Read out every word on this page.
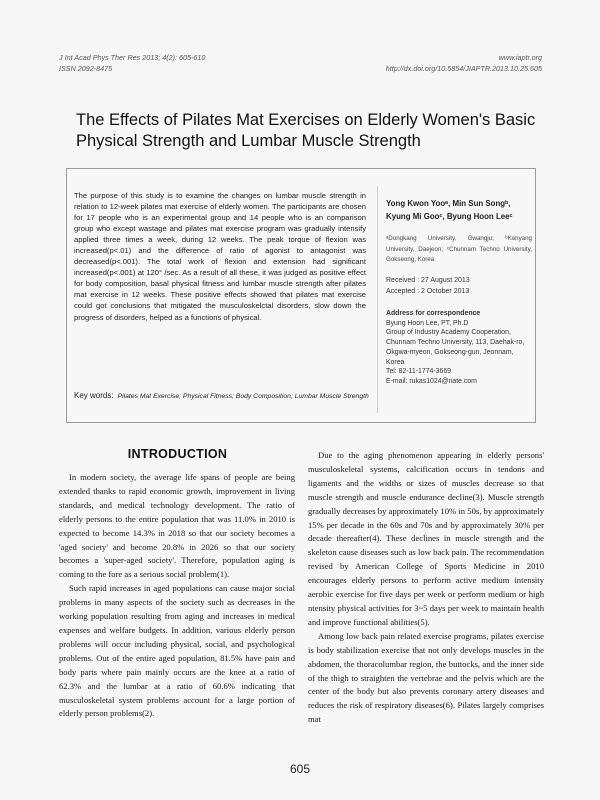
J Int Acad Phys Ther Res 2013; 4(2): 605-610
ISSN 2092-8475
www.iaptr.org
http://dx.doi.org/10.5854/JIAPTR.2013.10.25.605
The Effects of Pilates Mat Exercises on Elderly Women's Basic Physical Strength and Lumbar Muscle Strength
The purpose of this study is to examine the changes on lumbar muscle strength in relation to 12-week pilates mat exercise of elderly women. The participants are chosen for 17 people who is an experimental group and 14 people who is an comparison group who except wastage and pilates mat exercise program was gradually intensify applied three times a week, during 12 weeks. The peak torque of flexion was increased(p<.01) and the difference of ratio of agonist to antagonist was decreased(p<.001). The total work of flexion and extension had significant increased(p<.001) at 120° /sec. As a result of all these, it was judged as positive effect for body composition, basal physical fitness and lumbar muscle strength after pilates mat exercise in 12 weeks. These positive effects showed that pilates mat exercise could got conclusions that mitigated the musculoskelctal disorders, slow down the progress of disorders, helped as a functions of physical.
Key words: Pilates Mat Exercise; Physical Fitness; Body Composition; Lumbar Muscle Strength
Yong Kwon Yooᵃ, Min Sun Songᵇ,
Kyung Mi Gooᶜ, Byung Hoon Leeᶜ
ᵃDongkang University, Gwangju; ᵇKonyang University, Daejeon; ᶜChunnam Techno University, Gokseong, Korea
Received : 27 August 2013
Accepted : 2 October 2013
Address for correspondence
Byung Hoon Lee, PT, Ph.D
Group of Industry Academy Cooperation, Chunnam Techno University, 113, Daehak-ro, Okgwa-myeon, Gokseong-gun, Jeonnam, Korea
Tel: 82-11-1774-3669
E-mail: rukas1024@nate.com
INTRODUCTION

In modern society, the average life spans of people are being extended thanks to rapid economic growth, improvement in living standards, and medical technology development. The ratio of elderly persons to the entire population that was 11.0% in 2010 is expected to become 14.3% in 2018 so that our society becomes a 'aged society' and become 20.8% in 2026 so that our society becomes a 'super-aged society'. Therefore, population aging is coming to the fore as a serious social problem(1).

Such rapid increases in aged populations can cause major social problems in many aspects of the society such as decreases in the working population resulting from aging and increases in medical expenses and welfare budgets. In addition, various elderly person problems will occur including physical, social, and psychological problems. Out of the entire aged population, 81.5% have pain and body parts where pain mainly occurs are the knee at a ratio of 62.3% and the lumbar at a ratio of 60.6% indicating that musculoskeletal system problems account for a large portion of elderly person problems(2).

Due to the aging phenomenon appearing in elderly persons' musculoskeletal systems, calcification occurs in tendons and ligaments and the widths or sizes of muscles decrease so that muscle strength and muscle endurance decline(3). Muscle strength gradually decreases by approximately 10% in 50s, by approximately 15% per decade in the 60s and 70s and by approximately 30% per decade thereafter(4). These declines in muscle strength and the skeleton cause diseases such as low back pain. The recommendation revised by American College of Sports Medicine in 2010 encourages elderly persons to perform active medium intensity aerobic exercise for five days per week or perform medium or high ntensity physical activities for 3~5 days per week to maintain health and improve functional abilities(5).

Among low back pain related exercise programs, pilates exercise is body stabilization exercise that not only develops muscles in the abdomen, the thoracolumbar region, the buttocks, and the inner side of the thigh to straighten the vertebrae and the pelvis which are the center of the body but also prevents coronary artery diseases and reduces the risk of respiratory diseases(6). Pilates largely comprises mat

605
